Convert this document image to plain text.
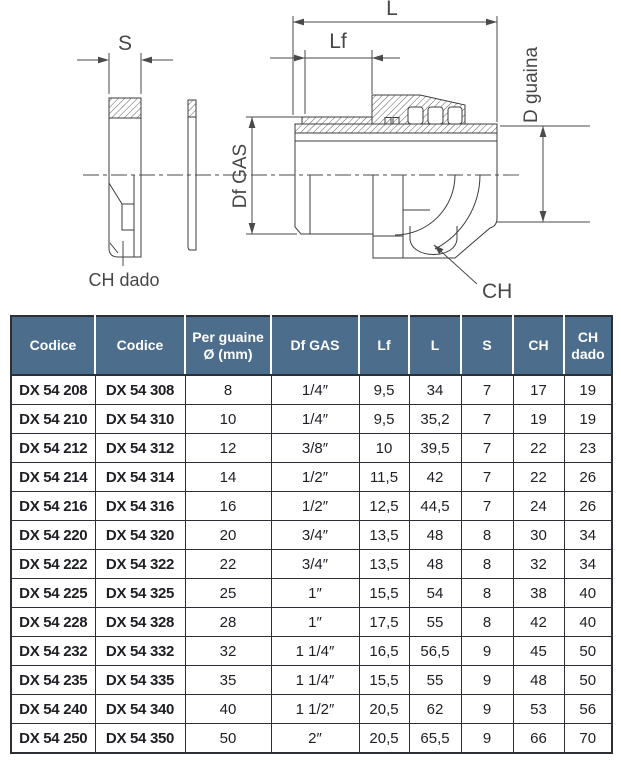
S
L
Lf
Df GAS
D guaina
CH dado	CH
Codice	Codice	Per guaine Ø (mm)	Df GAS	Lf	L	S	CH	CH dado
DX 54 208	DX 54 308	8	1/4″	9,5	34	7	17	19
DX 54 210	DX 54 310	10	1/4″	9,5	35,2	7	19	19
DX 54 212	DX 54 312	12	3/8″	10	39,5	7	22	23
DX 54 214	DX 54 314	14	1/2″	11,5	42	7	22	26
DX 54 216	DX 54 316	16	1/2″	12,5	44,5	7	24	26
DX 54 220	DX 54 320	20	3/4″	13,5	48	8	30	34
DX 54 222	DX 54 322	22	3/4″	13,5	48	8	32	34
DX 54 225	DX 54 325	25	1″	15,5	54	8	38	40
DX 54 228	DX 54 328	28	1″	17,5	55	8	42	40
DX 54 232	DX 54 332	32	1 1/4″	16,5	56,5	9	45	50
DX 54 235	DX 54 335	35	1 1/4″	15,5	55	9	48	50
DX 54 240	DX 54 340	40	1 1/2″	20,5	62	9	53	56
DX 54 250	DX 54 350	50	2″	20,5	65,5	9	66	70
